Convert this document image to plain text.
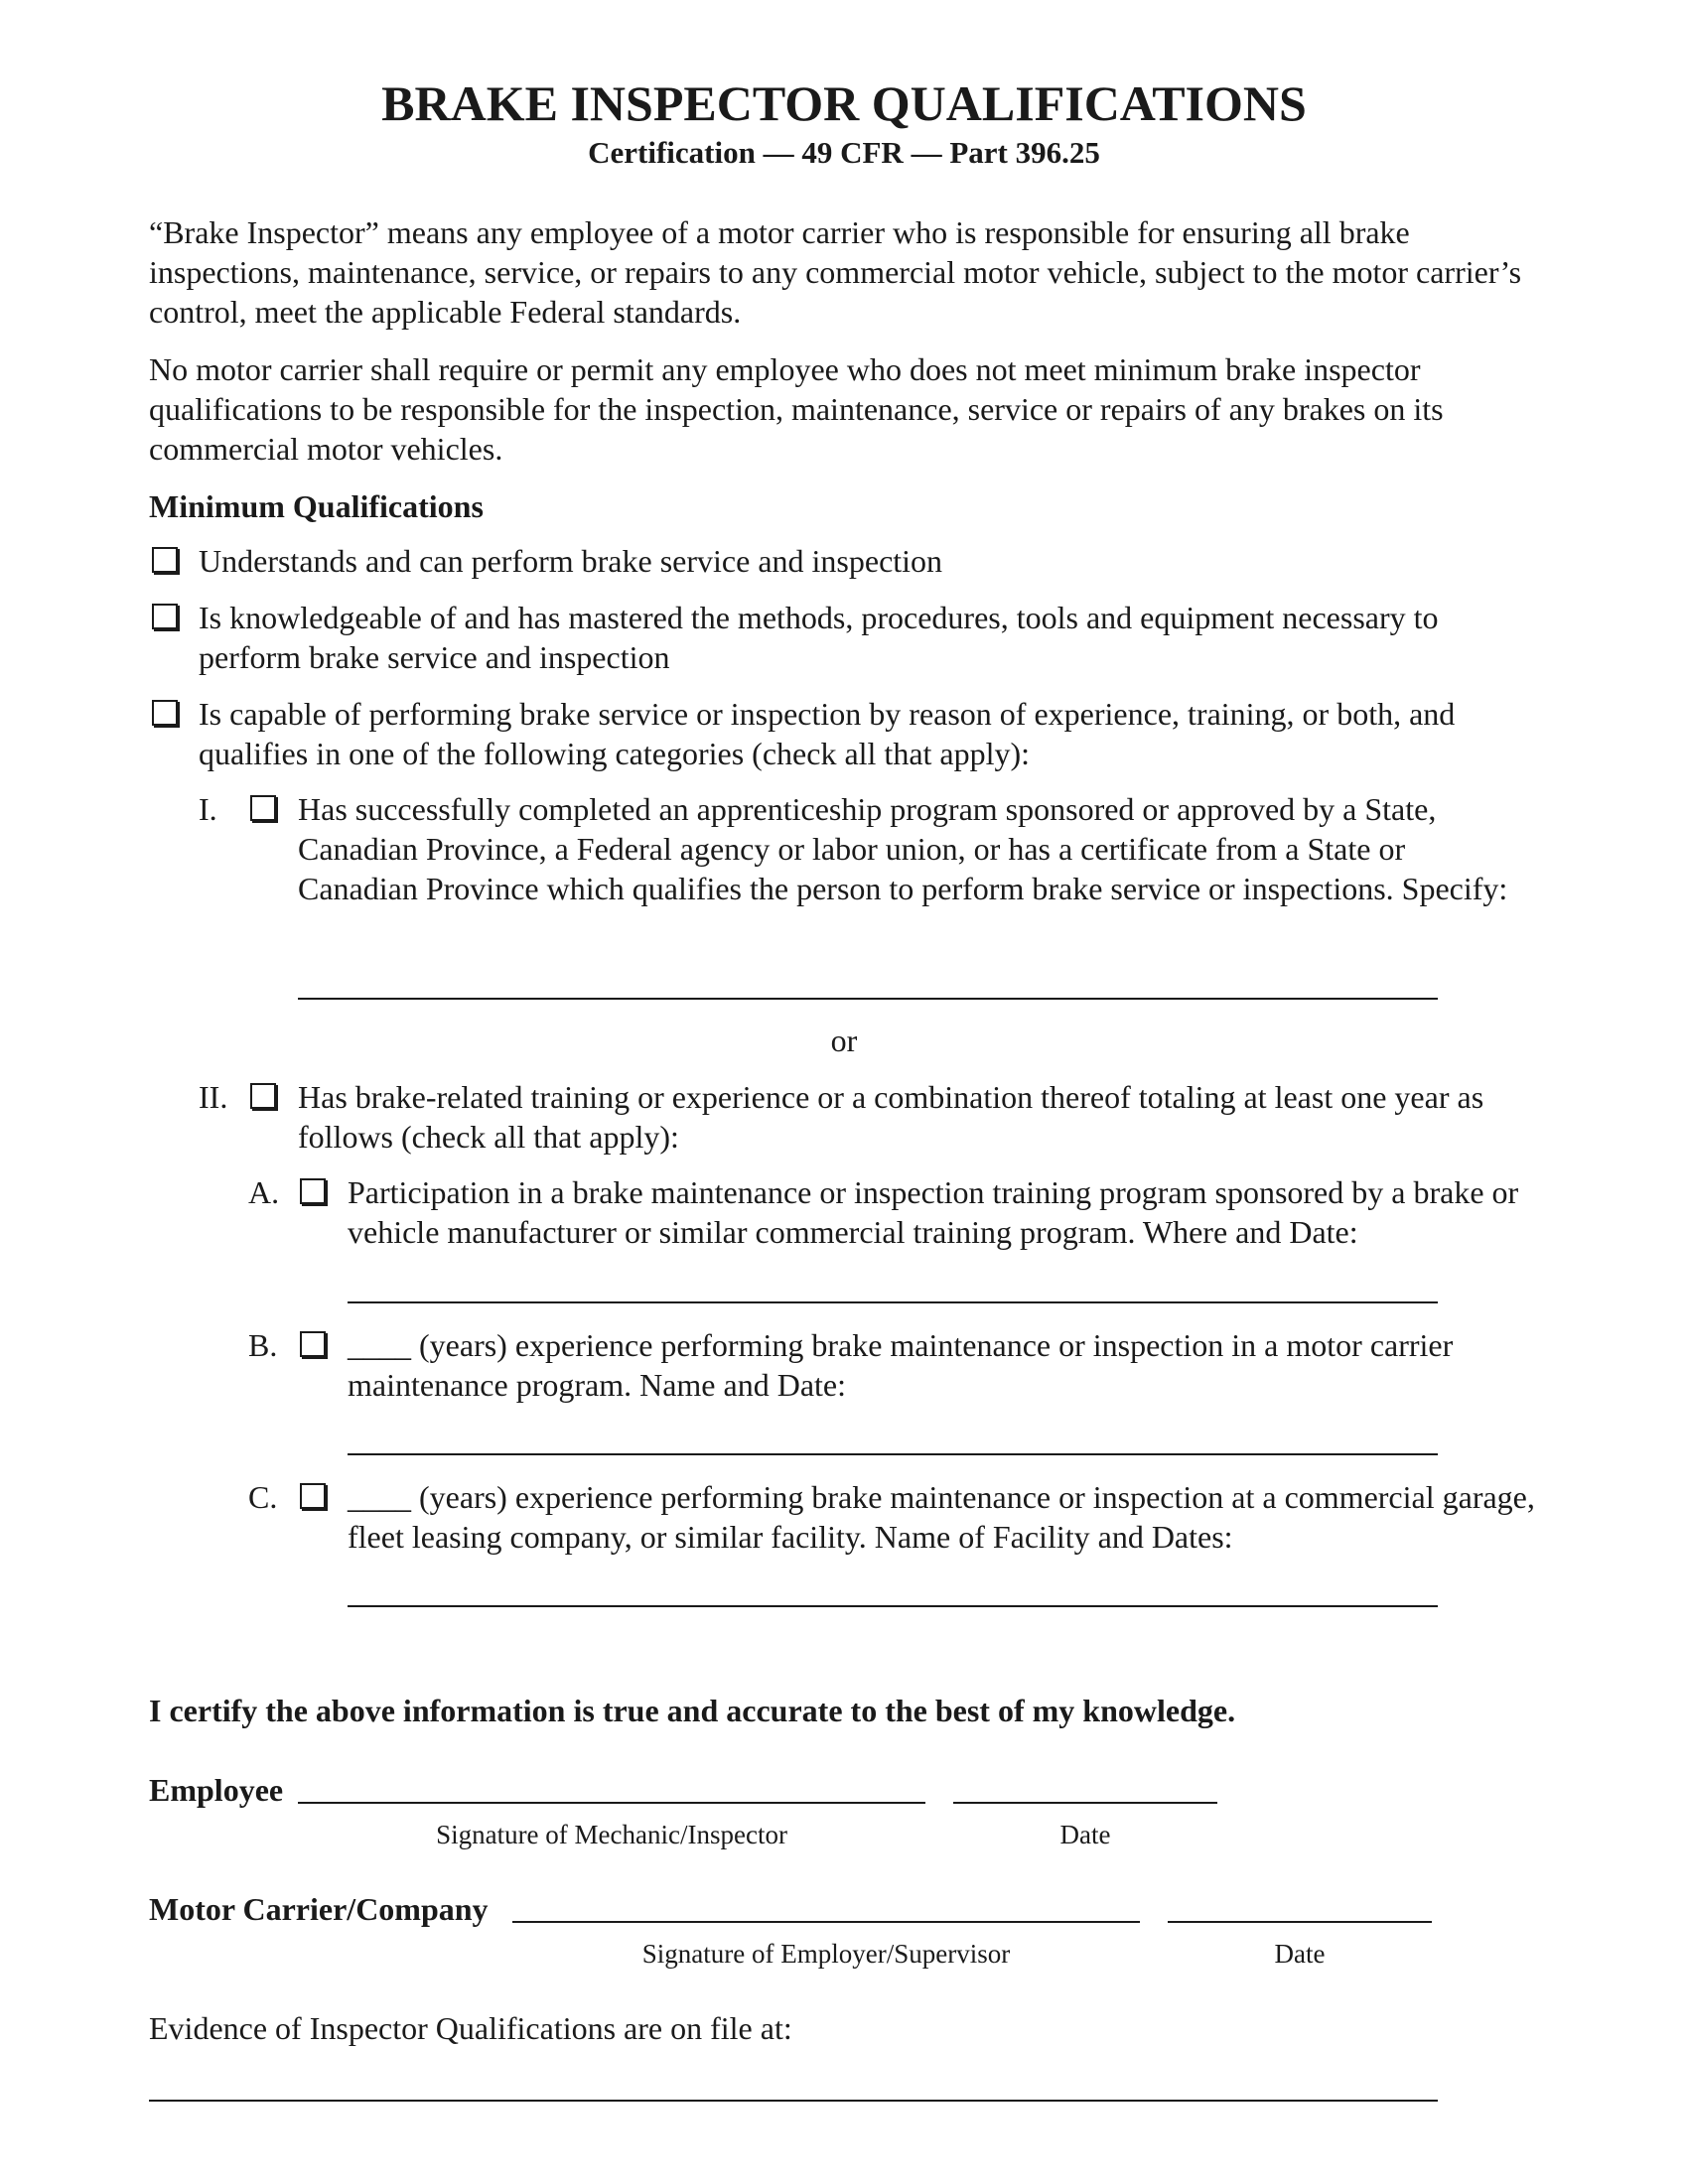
BRAKE INSPECTOR QUALIFICATIONS
Certification — 49 CFR — Part 396.25

“Brake Inspector” means any employee of a motor carrier who is responsible for ensuring all brake inspections, maintenance, service, or repairs to any commercial motor vehicle, subject to the motor carrier’s control, meet the applicable Federal standards.

No motor carrier shall require or permit any employee who does not meet minimum brake inspector qualifications to be responsible for the inspection, maintenance, service or repairs of any brakes on its commercial motor vehicles.

Minimum Qualifications
Understands and can perform brake service and inspection
Is knowledgeable of and has mastered the methods, procedures, tools and equipment necessary to perform brake service and inspection
Is capable of performing brake service or inspection by reason of experience, training, or both, and qualifies in one of the following categories (check all that apply):
I.	Has successfully completed an apprenticeship program sponsored or approved by a State, Canadian Province, a Federal agency or labor union, or has a certificate from a State or Canadian Province which qualifies the person to perform brake service or inspections. Specify:
or
II. Has brake-related training or experience or a combination thereof totaling at least one year as follows (check all that apply):
A. Participation in a brake maintenance or inspection training program sponsored by a brake or vehicle manufacturer or similar commercial training program. Where and Date:
B. ____ (years) experience performing brake maintenance or inspection in a motor carrier maintenance program. Name and Date:
C. ____ (years) experience performing brake maintenance or inspection at a commercial garage, fleet leasing company, or similar facility. Name of Facility and Dates:
I certify the above information is true and accurate to the best of my knowledge.
Employee
Signature of Mechanic/Inspector	Date
Motor Carrier/Company
Signature of Employer/Supervisor	Date
Evidence of Inspector Qualifications are on file at:
